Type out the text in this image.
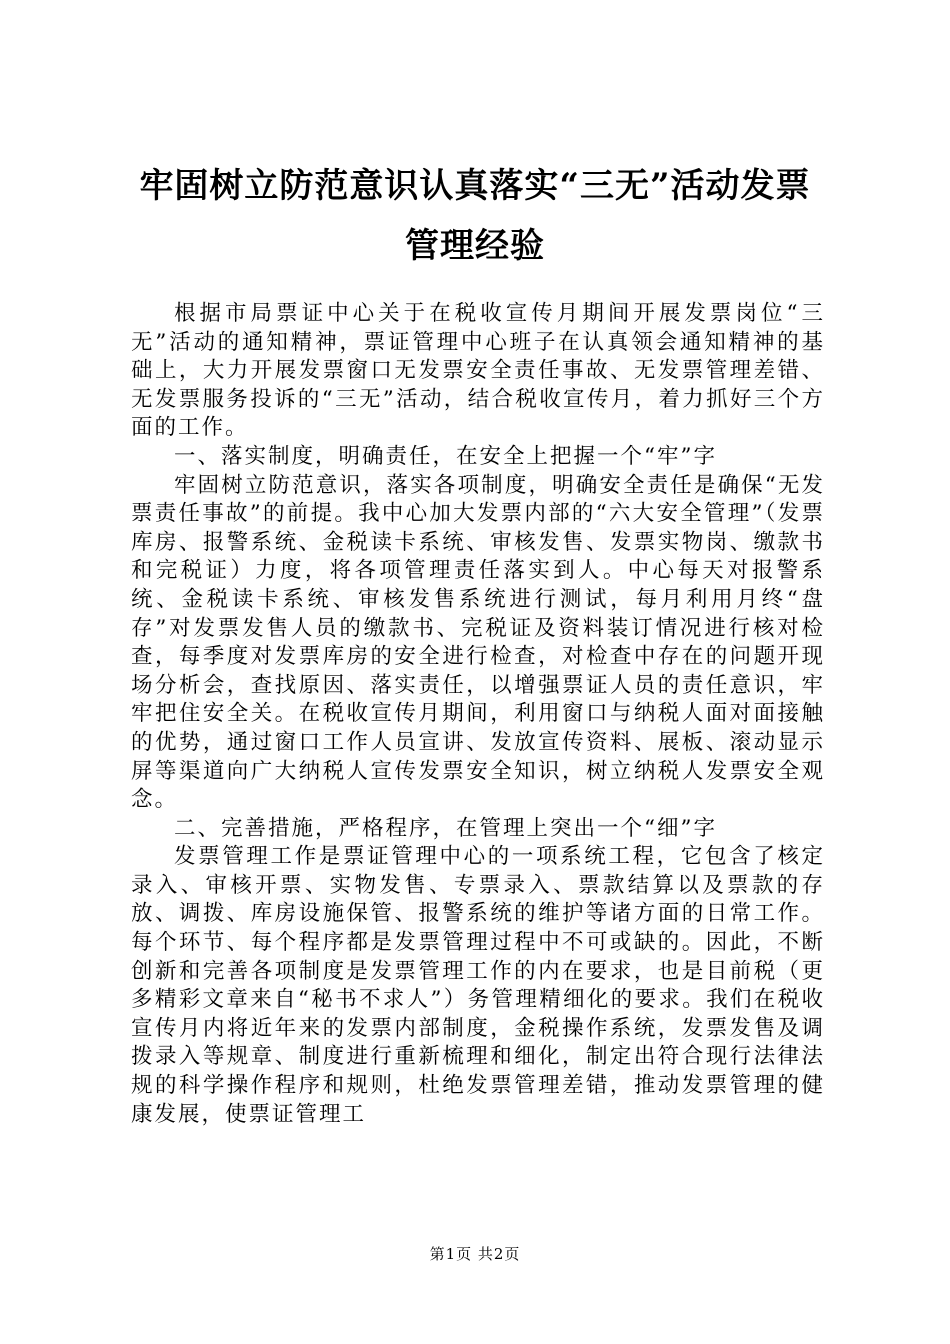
牢固树立防范意识认真落实“三无”活动发票

管理经验

根据市局票证中心关于在税收宣传月期间开展发票岗位“三无”活动的通知精神，票证管理中心班子在认真领会通知精神的基础上，大力开展发票窗口无发票安全责任事故、无发票管理差错、无发票服务投诉的“三无”活动，结合税收宣传月，着力抓好三个方面的工作。

一、落实制度，明确责任，在安全上把握一个“牢”字

牢固树立防范意识，落实各项制度，明确安全责任是确保“无发票责任事故”的前提。我中心加大发票内部的“六大安全管理”（发票库房、报警系统、金税读卡系统、审核发售、发票实物岗、缴款书和完税证）力度，将各项管理责任落实到人。中心每天对报警系统、金税读卡系统、审核发售系统进行测试，每月利用月终“盘存”对发票发售人员的缴款书、完税证及资料装订情况进行核对检查，每季度对发票库房的安全进行检查，对检查中存在的问题开现场分析会，查找原因、落实责任，以增强票证人员的责任意识，牢牢把住安全关。在税收宣传月期间，利用窗口与纳税人面对面接触的优势，通过窗口工作人员宣讲、发放宣传资料、展板、滚动显示屏等渠道向广大纳税人宣传发票安全知识，树立纳税人发票安全观念。

二、完善措施，严格程序，在管理上突出一个“细”字

发票管理工作是票证管理中心的一项系统工程，它包含了核定录入、审核开票、实物发售、专票录入、票款结算以及票款的存放、调拨、库房设施保管、报警系统的维护等诸方面的日常工作。每个环节、每个程序都是发票管理过程中不可或缺的。因此，不断创新和完善各项制度是发票管理工作的内在要求，也是目前税（更多精彩文章来自“秘书不求人”）务管理精细化的要求。我们在税收宣传月内将近年来的发票内部制度，金税操作系统，发票发售及调拨录入等规章、制度进行重新梳理和细化，制定出符合现行法律法规的科学操作程序和规则，杜绝发票管理差错，推动发票管理的健康发展，使票证管理工

第1页 共2页
